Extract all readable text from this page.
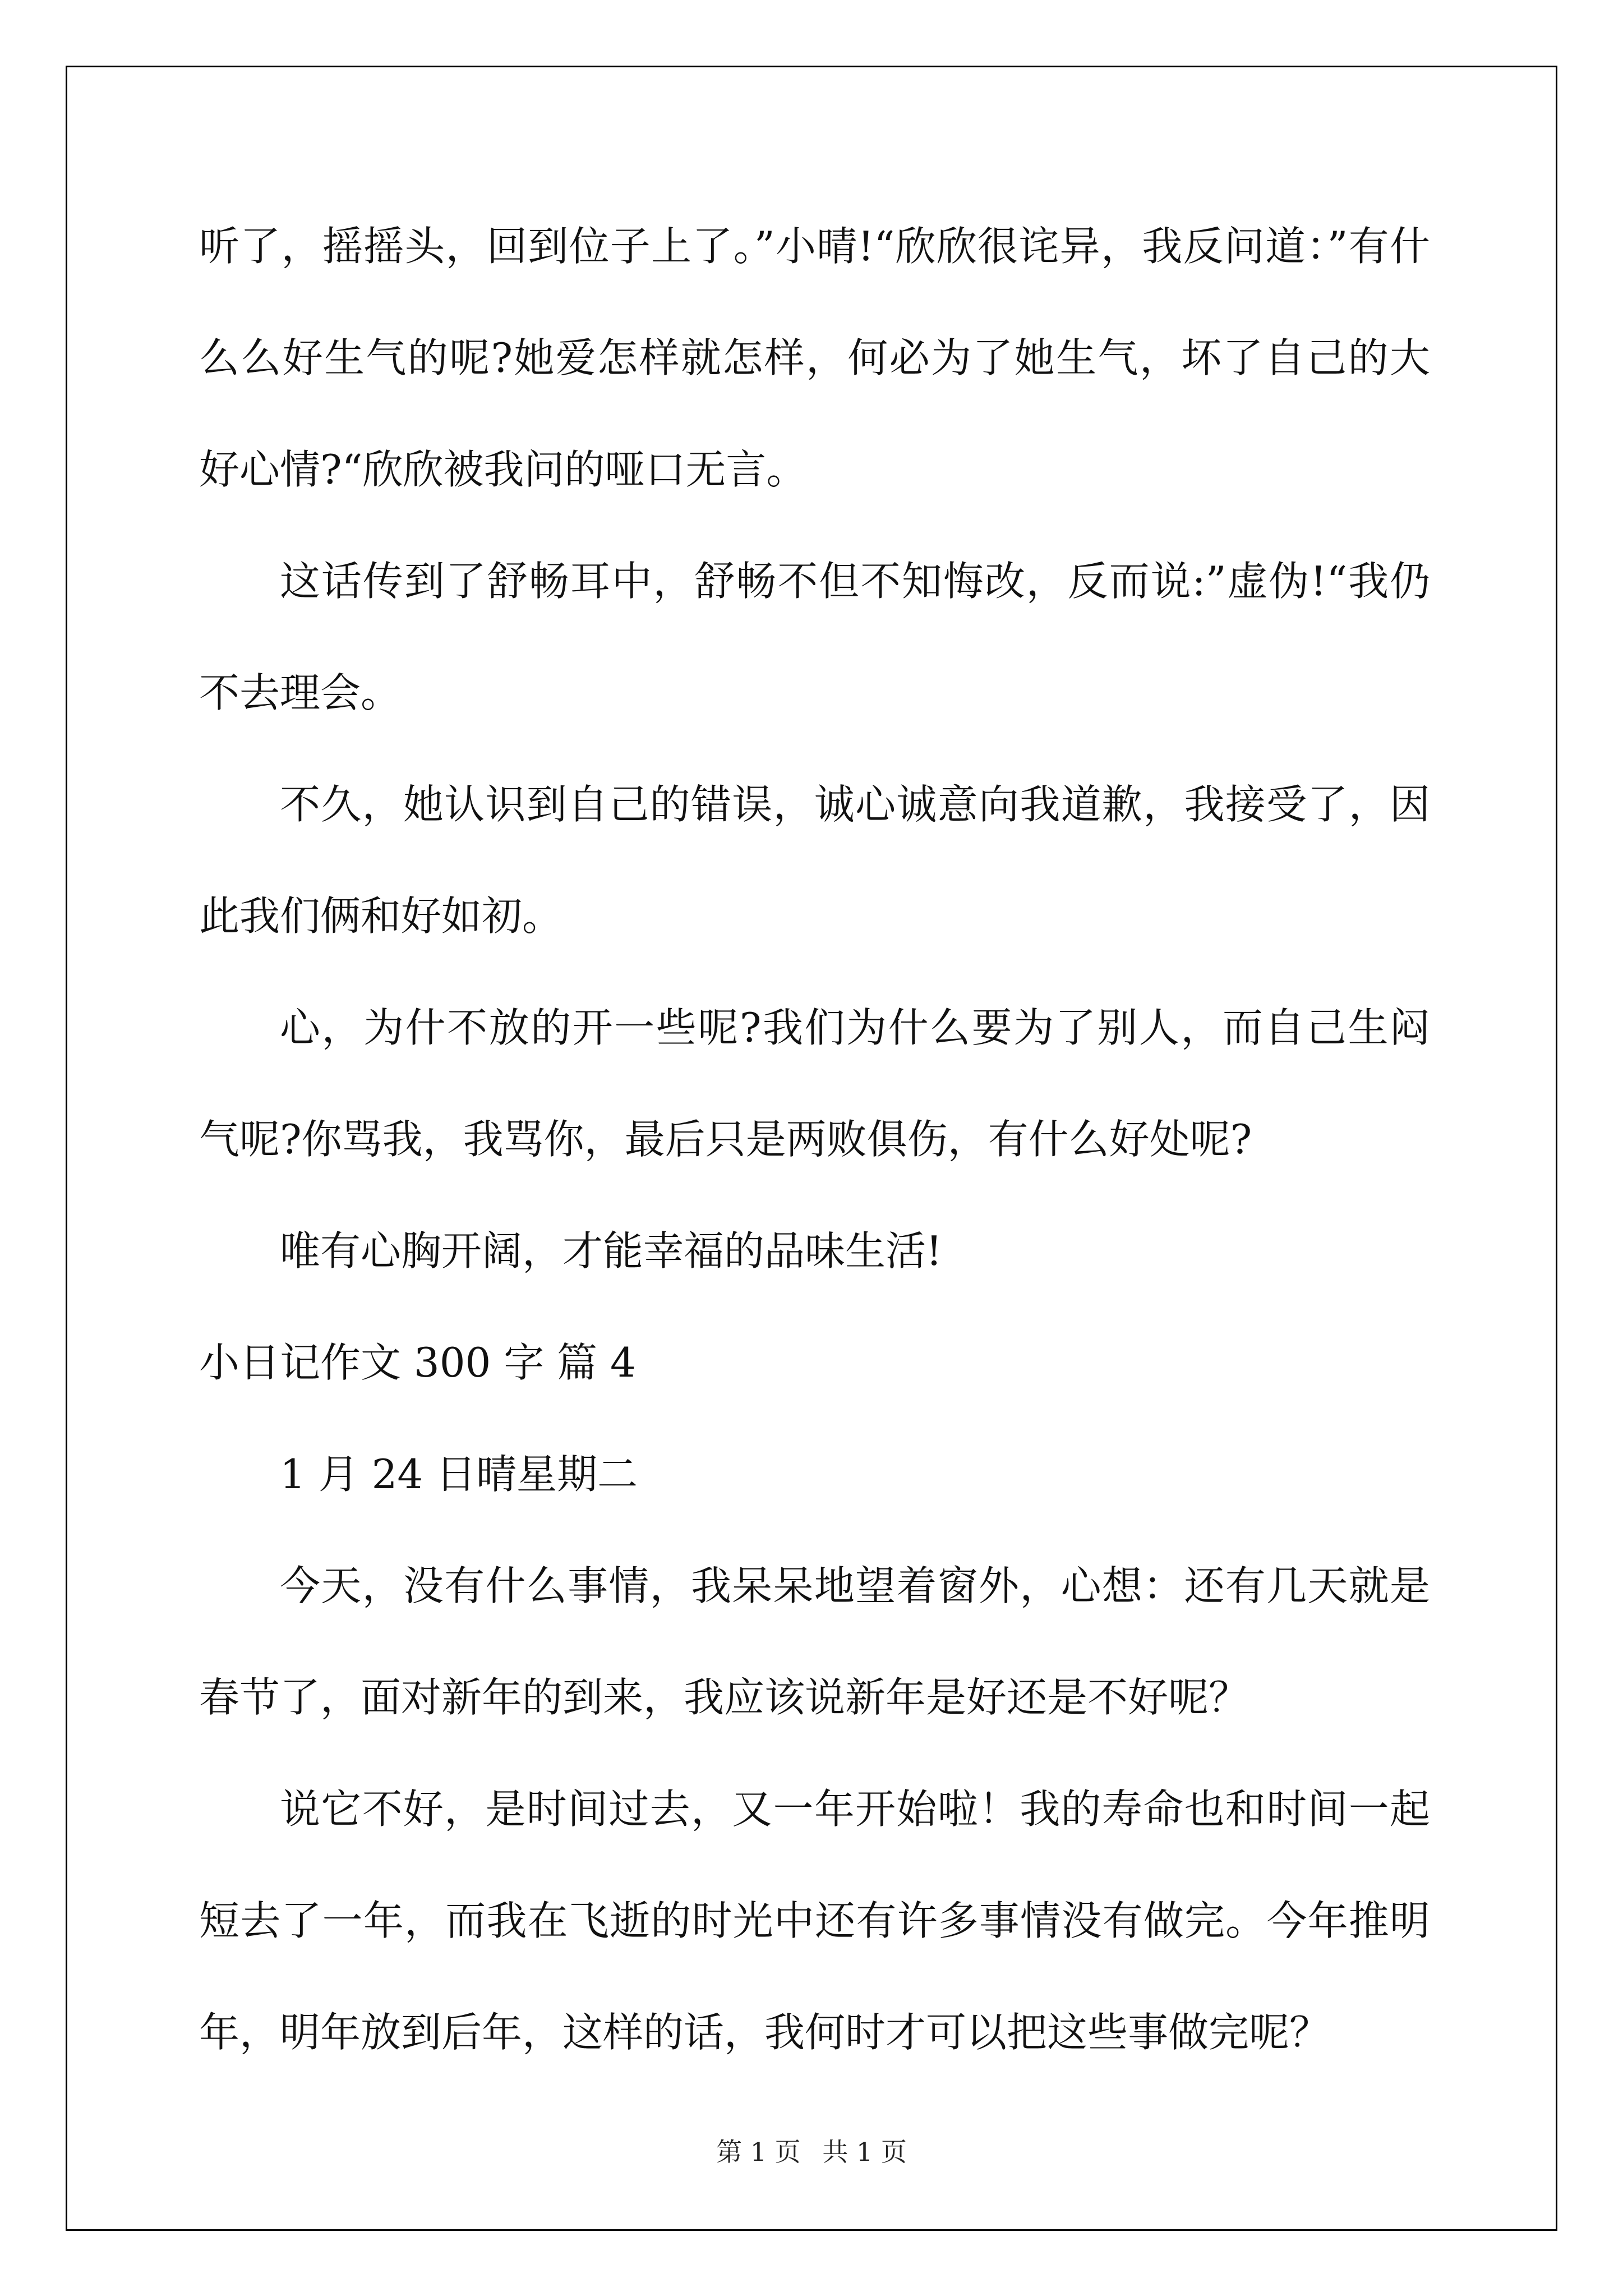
听了，摇摇头，回到位子上了。”小晴!“欣欣很诧异，我反问道：”有什么么好生气的呢?她爱怎样就怎样，何必为了她生气，坏了自己的大好心情?“欣欣被我问的哑口无言。

这话传到了舒畅耳中，舒畅不但不知悔改，反而说:”虚伪!“我仍不去理会。

不久，她认识到自己的错误，诚心诚意向我道歉，我接受了，因此我们俩和好如初。

心，为什不放的开一些呢?我们为什么要为了别人，而自己生闷气呢?你骂我，我骂你，最后只是两败俱伤，有什么好处呢?

唯有心胸开阔，才能幸福的品味生活!

小日记作文 300 字 篇 4

1 月 24 日晴星期二

今天，没有什么事情，我呆呆地望着窗外，心想：还有几天就是春节了，面对新年的到来，我应该说新年是好还是不好呢？

说它不好，是时间过去，又一年开始啦！我的寿命也和时间一起短去了一年，而我在飞逝的时光中还有许多事情没有做完。今年推明年，明年放到后年，这样的话，我何时才可以把这些事做完呢？

第 1 页 共 1 页
